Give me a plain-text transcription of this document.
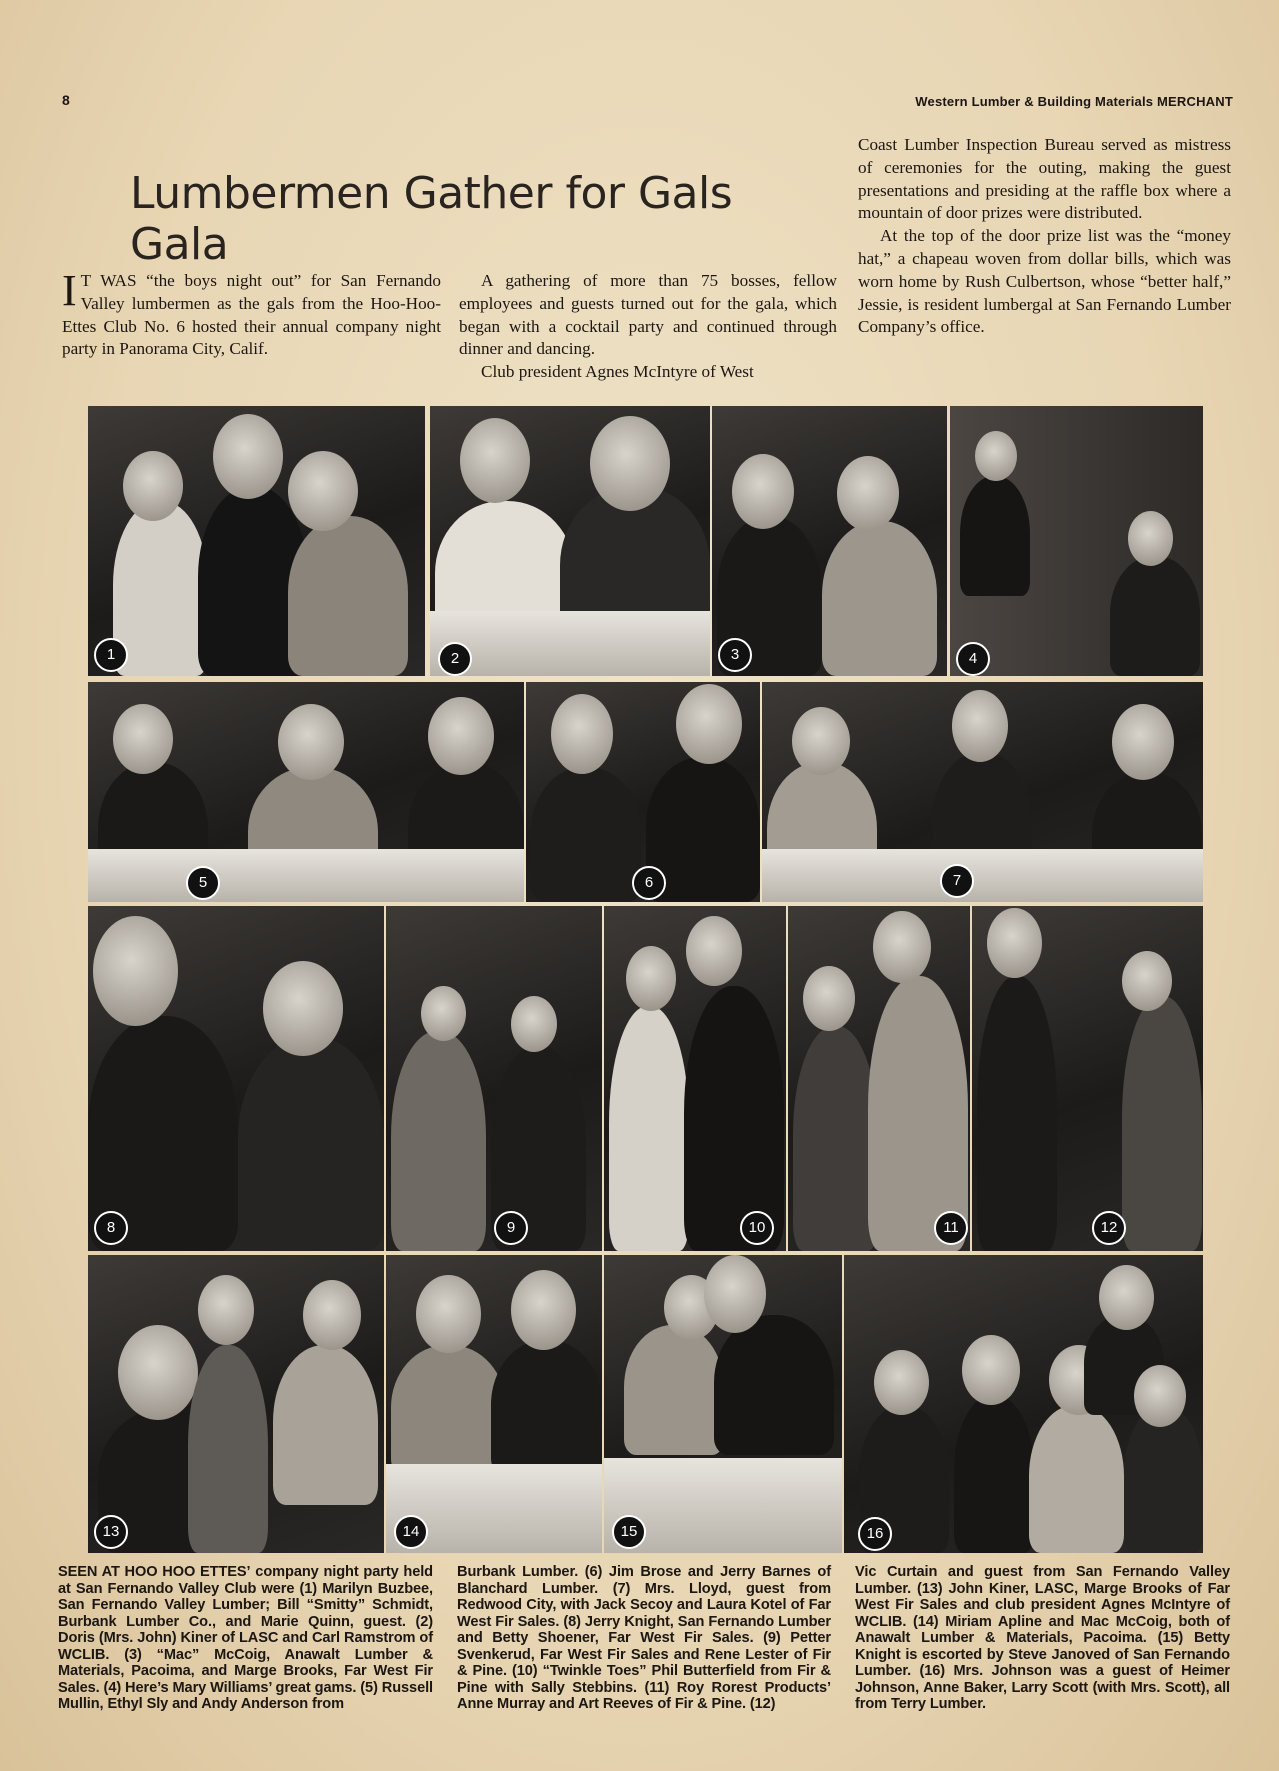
8	Western Lumber & Building Materials MERCHANT
Lumbermen Gather for Gals Gala

I T WAS “the boys night out” for San Fernando Valley lumbermen as the gals from the Hoo-Hoo-Ettes Club No. 6 hosted their annual company night party in Panorama City, Calif.

A gathering of more than 75 bosses, fellow employees and guests turned out for the gala, which began with a cocktail party and continued through dinner and dancing.

Club president Agnes McIntyre of West

Coast Lumber Inspection Bureau served as mistress of ceremonies for the outing, making the guest presentations and presiding at the raffle box where a mountain of door prizes were distributed.

At the top of the door prize list was the “money hat,” a chapeau woven from dollar bills, which was worn home by Rush Culbertson, whose “better half,” Jessie, is resident lumbergal at San Fernando Lumber Company’s office.

1	2	3	4
5	6	7
8	9	10	11	12
13	14	15	16
SEEN AT HOO HOO ETTES’ company night party held at San Fernando Valley Club were (1) Marilyn Buzbee, San Fernando Valley Lumber; Bill “Smitty” Schmidt, Burbank Lumber Co., and Marie Quinn, guest. (2) Doris (Mrs. John) Kiner of LASC and Carl Ramstrom of WCLIB. (3) “Mac” McCoig, Anawalt Lumber & Materials, Pacoima, and Marge Brooks, Far West Fir Sales. (4) Here’s Mary Williams’ great gams. (5) Russell Mullin, Ethyl Sly and Andy Anderson from
Burbank Lumber. (6) Jim Brose and Jerry Barnes of Blanchard Lumber. (7) Mrs. Lloyd, guest from Redwood City, with Jack Secoy and Laura Kotel of Far West Fir Sales. (8) Jerry Knight, San Fernando Lumber and Betty Shoener, Far West Fir Sales. (9) Petter Svenkerud, Far West Fir Sales and Rene Lester of Fir & Pine. (10) “Twinkle Toes” Phil Butterfield from Fir & Pine with Sally Stebbins. (11) Roy Rorest Products’ Anne Murray and Art Reeves of Fir & Pine. (12)
Vic Curtain and guest from San Fernando Valley Lumber. (13) John Kiner, LASC, Marge Brooks of Far West Fir Sales and club president Agnes McIntyre of WCLIB. (14) Miriam Apline and Mac McCoig, both of Anawalt Lumber & Materials, Pacoima. (15) Betty Knight is escorted by Steve Janoved of San Fernando Lumber. (16) Mrs. Johnson was a guest of Heimer Johnson, Anne Baker, Larry Scott (with Mrs. Scott), all from Terry Lumber.
